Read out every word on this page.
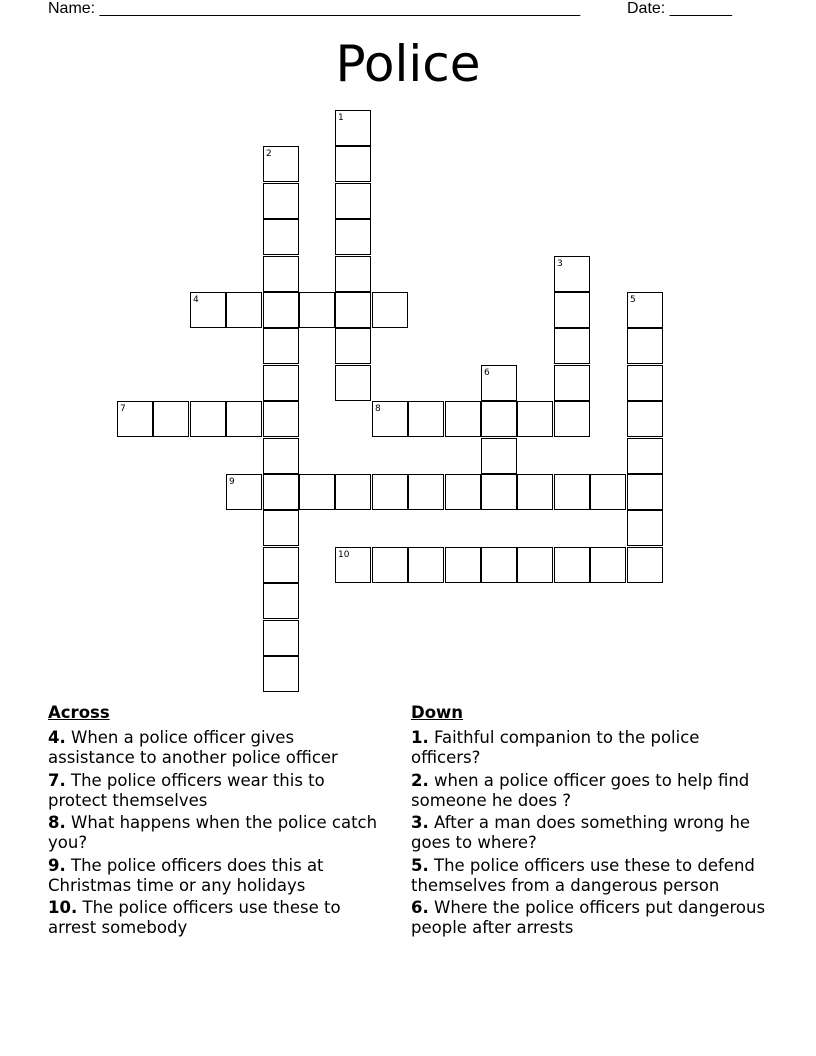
Name: ______________________________________________________	Date: _______
Police
1
2
3
4	5
6
7	8
9
10
Across
4. When a police officer gives assistance to another police officer
7. The police officers wear this to protect themselves
8. What happens when the police catch you?
9. The police officers does this at Christmas time or any holidays
10. The police officers use these to arrest somebody
Down
1. Faithful companion to the police officers?
2. when a police officer goes to help find someone he does ?
3. After a man does something wrong he goes to where?
5. The police officers use these to defend themselves from a dangerous person
6. Where the police officers put dangerous people after arrests
